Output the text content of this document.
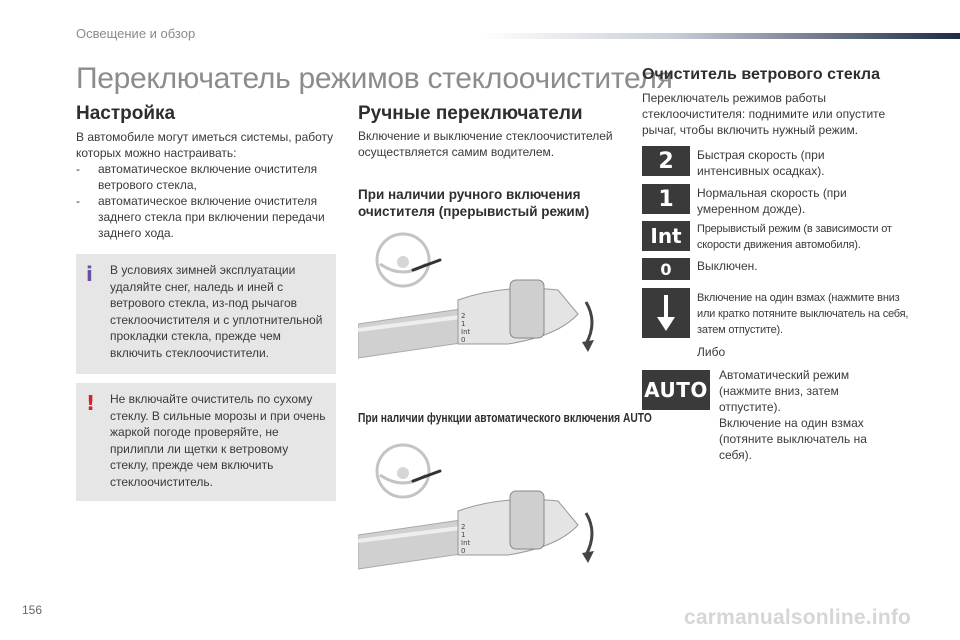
Освещение и обзор
Переключатель режимов стеклоочистителя
Настройка

В автомобиле могут иметься системы, работу которых можно настраивать:

- автоматическое включение очистителя ветрового стекла,
- автоматическое включение очистителя заднего стекла при включении передачи заднего хода.
i В условиях зимней эксплуатации удаляйте снег, наледь и иней с ветрового стекла, из-под рычагов стеклоочистителя и с уплотнительной прокладки стекла, прежде чем включить стеклоочистители.

! Не включайте очиститель по сухому стеклу. В сильные морозы и при очень жаркой погоде проверяйте, не прилипли ли щетки к ветровому стеклу, прежде чем включить стеклоочиститель.

Ручные переключатели

Включение и выключение стеклоочистителей осуществляется самим водителем.

При наличии ручного включения очистителя (прерывистый режим)
2
1
Int
0
При наличии функции автоматического включения AUTO
2
1
Int
0
Очиститель ветрового стекла

Переключатель режимов работы стеклоочистителя: поднимите или опустите рычаг, чтобы включить нужный режим.

2	Быстрая скорость (при интенсивных осадках).
1	Нормальная скорость (при умеренном дожде).
Int	Прерывистый режим (в зависимости от скорости движения автомобиля).
0	Выключен.
Включение на один взмах (нажмите вниз или кратко потяните выключатель на себя, затем отпустите).
Либо
AUTO
Автоматический режим (нажмите вниз, затем отпустите).
Включение на один взмах (потяните выключатель на себя).
156	carmanualsonline.info
